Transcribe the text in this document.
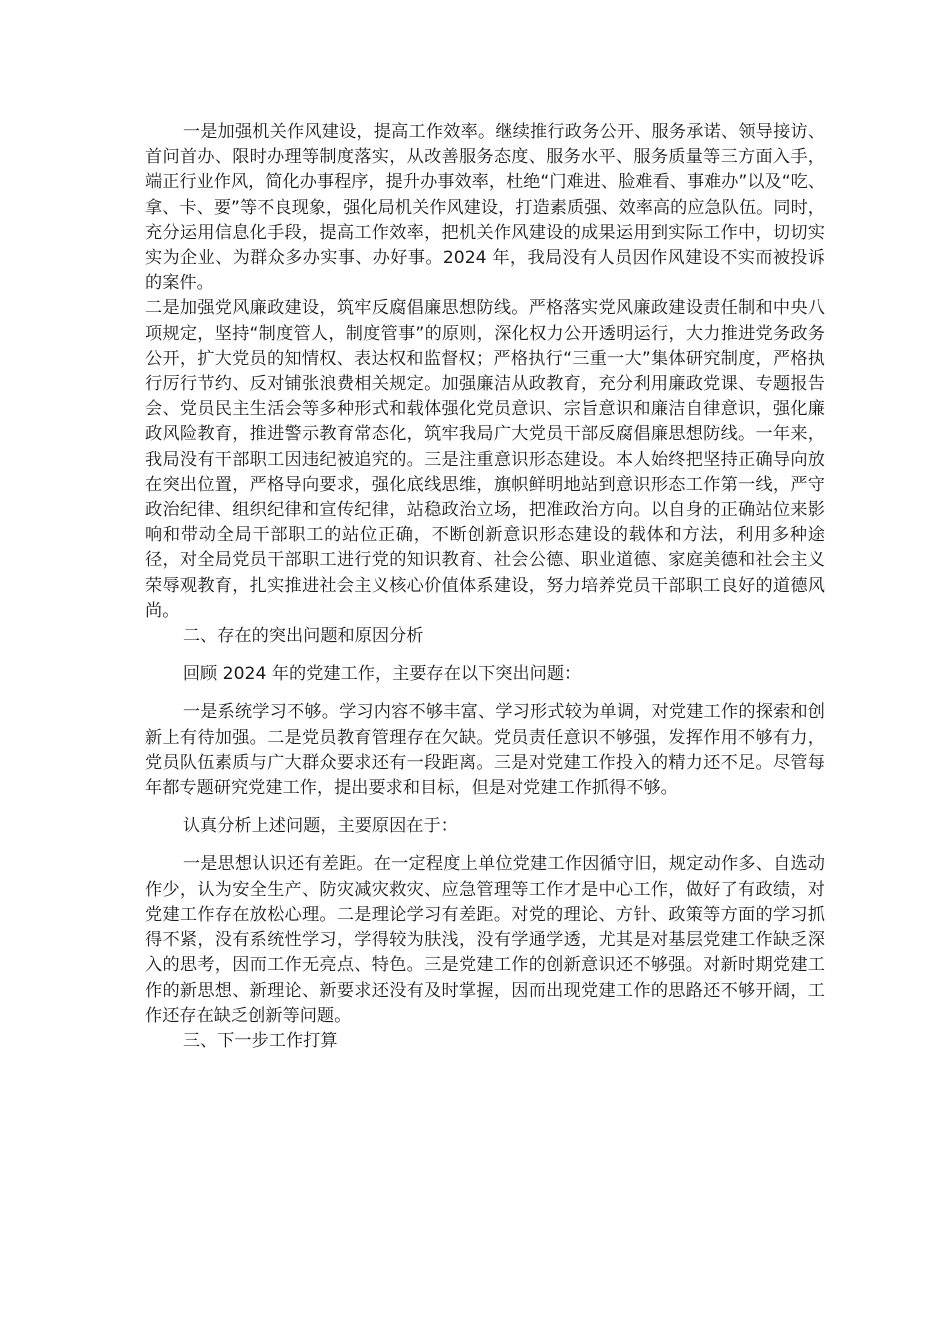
一是加强机关作风建设，提高工作效率。继续推行政务公开、服务承诺、领导接访、首问首办、限时办理等制度落实，从改善服务态度、服务水平、服务质量等三方面入手，端正行业作风，简化办事程序，提升办事效率，杜绝“门难进、脸难看、事难办”以及“吃、拿、卡、要”等不良现象，强化局机关作风建设，打造素质强、效率高的应急队伍。同时，充分运用信息化手段，提高工作效率，把机关作风建设的成果运用到实际工作中，切切实实为企业、为群众多办实事、办好事。2024 年，我局没有人员因作风建设不实而被投诉的案件。

二是加强党风廉政建设，筑牢反腐倡廉思想防线。严格落实党风廉政建设责任制和中央八项规定，坚持“制度管人，制度管事”的原则，深化权力公开透明运行，大力推进党务政务公开，扩大党员的知情权、表达权和监督权；严格执行“三重一大”集体研究制度，严格执行厉行节约、反对铺张浪费相关规定。加强廉洁从政教育，充分利用廉政党课、专题报告会、党员民主生活会等多种形式和载体强化党员意识、宗旨意识和廉洁自律意识，强化廉政风险教育，推进警示教育常态化，筑牢我局广大党员干部反腐倡廉思想防线。一年来，我局没有干部职工因违纪被追究的。三是注重意识形态建设。本人始终把坚持正确导向放在突出位置，严格导向要求，强化底线思维，旗帜鲜明地站到意识形态工作第一线，严守政治纪律、组织纪律和宣传纪律，站稳政治立场，把准政治方向。以自身的正确站位来影响和带动全局干部职工的站位正确，不断创新意识形态建设的载体和方法，利用多种途径，对全局党员干部职工进行党的知识教育、社会公德、职业道德、家庭美德和社会主义荣辱观教育，扎实推进社会主义核心价值体系建设，努力培养党员干部职工良好的道德风尚。

二、存在的突出问题和原因分析

回顾 2024 年的党建工作，主要存在以下突出问题：

一是系统学习不够。学习内容不够丰富、学习形式较为单调，对党建工作的探索和创新上有待加强。二是党员教育管理存在欠缺。党员责任意识不够强，发挥作用不够有力，党员队伍素质与广大群众要求还有一段距离。三是对党建工作投入的精力还不足。尽管每年都专题研究党建工作，提出要求和目标，但是对党建工作抓得不够。

认真分析上述问题，主要原因在于：

一是思想认识还有差距。在一定程度上单位党建工作因循守旧，规定动作多、自选动作少，认为安全生产、防灾减灾救灾、应急管理等工作才是中心工作，做好了有政绩，对党建工作存在放松心理。二是理论学习有差距。对党的理论、方针、政策等方面的学习抓得不紧，没有系统性学习，学得较为肤浅，没有学通学透，尤其是对基层党建工作缺乏深入的思考，因而工作无亮点、特色。三是党建工作的创新意识还不够强。对新时期党建工作的新思想、新理论、新要求还没有及时掌握，因而出现党建工作的思路还不够开阔，工作还存在缺乏创新等问题。

三、下一步工作打算
